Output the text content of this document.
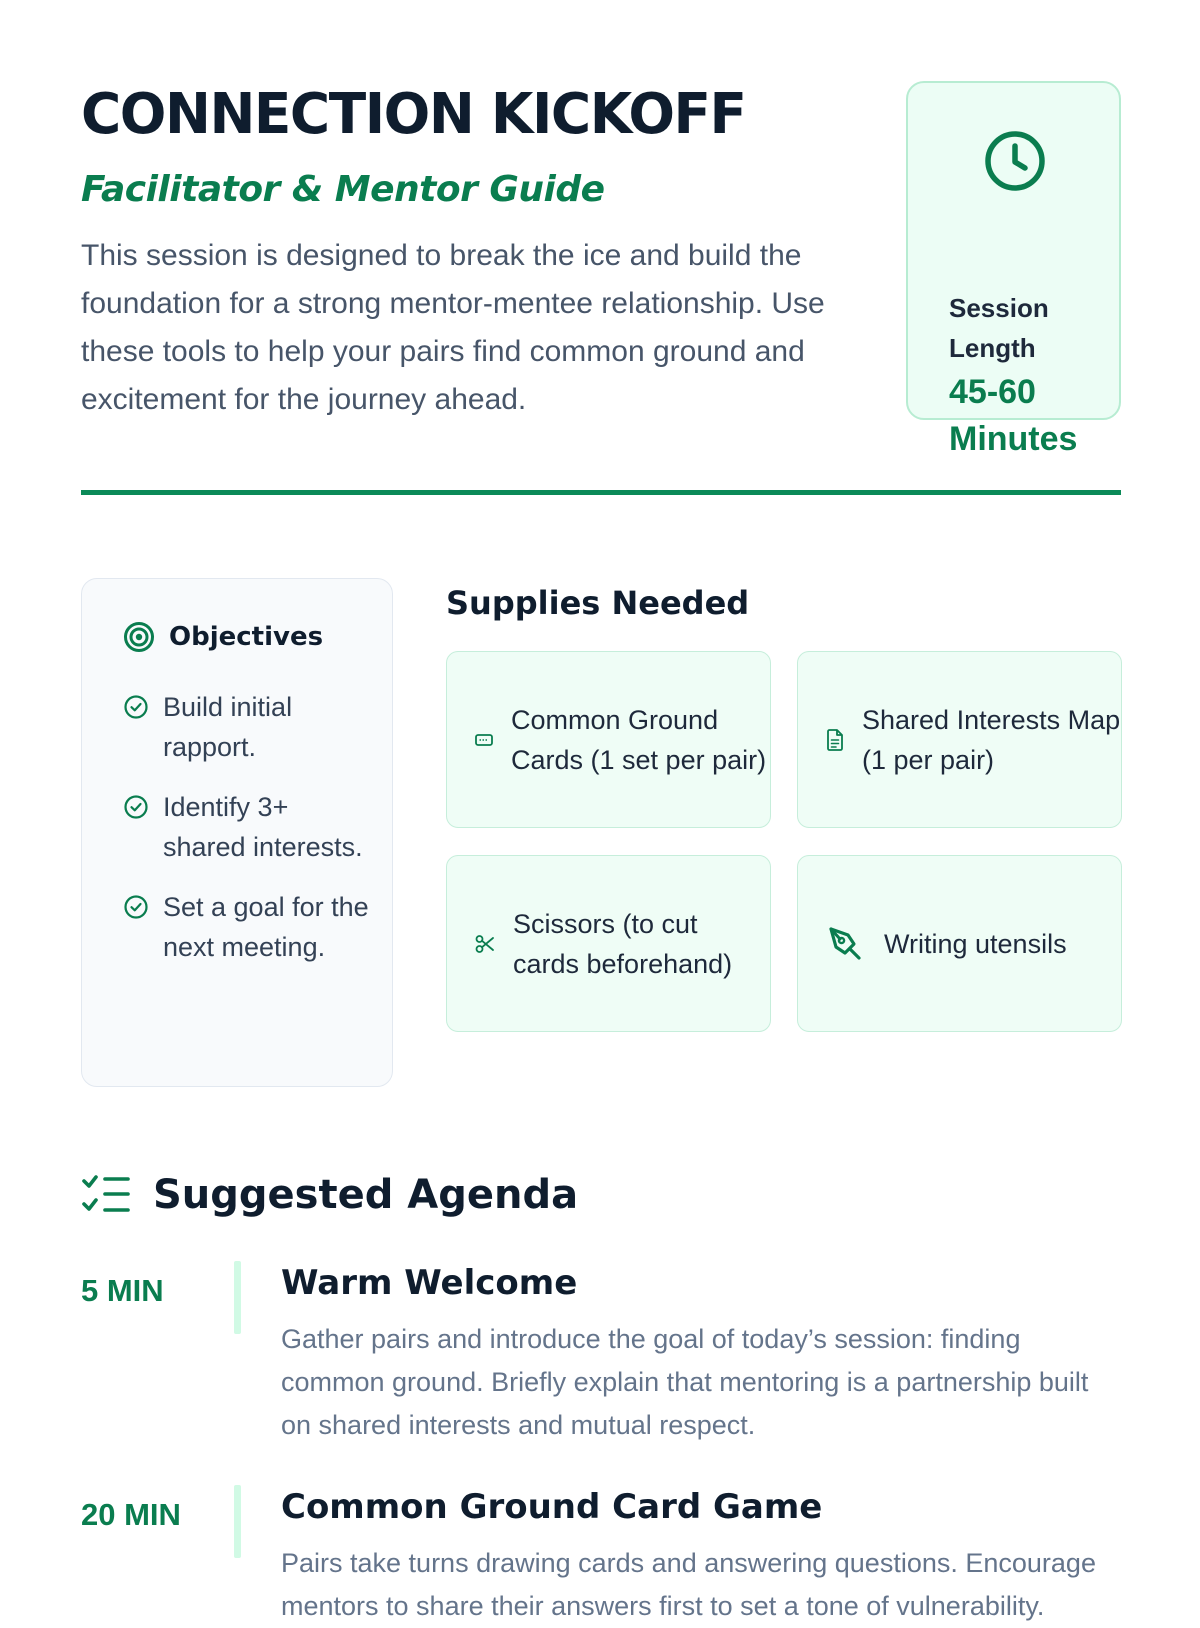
CONNECTION KICKOFF
Facilitator & Mentor Guide

This session is designed to break the ice and build the foundation for a strong mentor-mentee relationship. Use these tools to help your pairs find common ground and excitement for the journey ahead.

Session Length
45-60 Minutes
Objectives
Build initial rapport.
Identify 3+ shared interests.
Set a goal for the next meeting.
Supplies Needed
Common Ground Cards (1 set per pair)
Shared Interests Map (1 per pair)
Scissors (to cut cards beforehand)
Writing utensils
Suggested Agenda
5 MIN	Warm Welcome

Gather pairs and introduce the goal of today’s session: finding common ground. Briefly explain that mentoring is a partnership built on shared interests and mutual respect.

20 MIN	Common Ground Card Game

Pairs take turns drawing cards and answering questions. Encourage mentors to share their answers first to set a tone of vulnerability.
